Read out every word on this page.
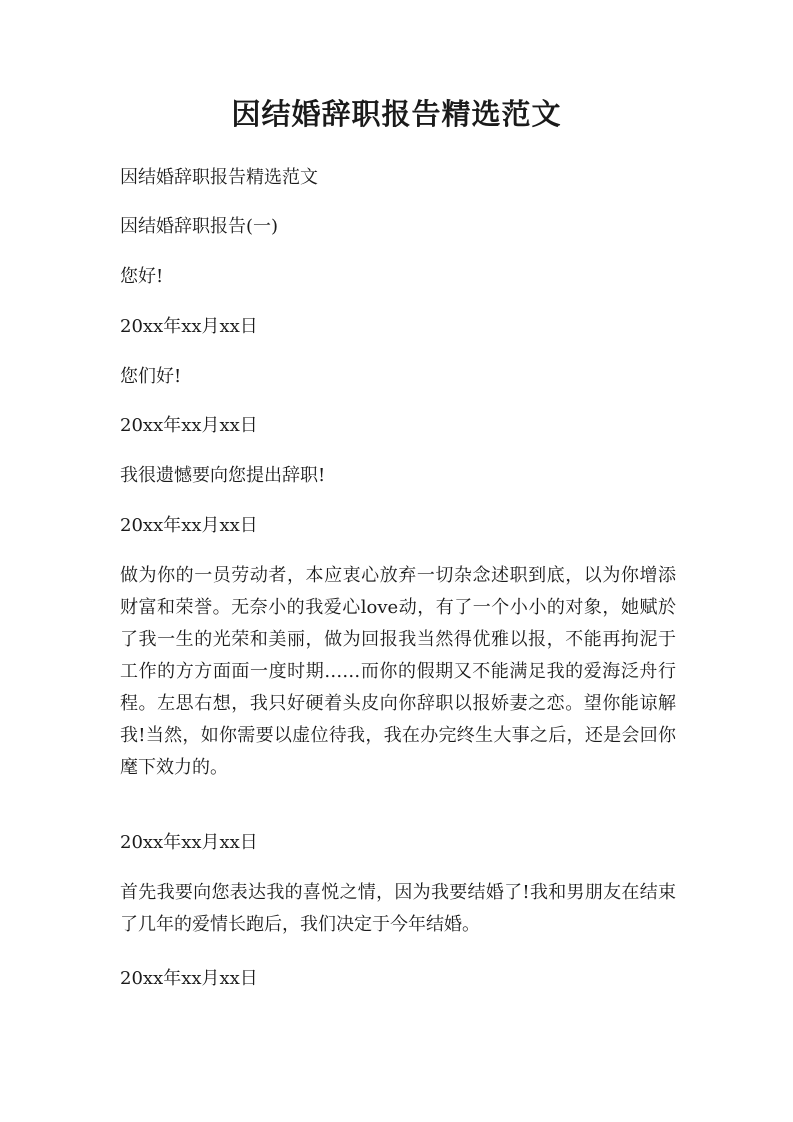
因结婚辞职报告精选范文

因结婚辞职报告精选范文

因结婚辞职报告(一)

您好!

20xx年xx月xx日

您们好!

20xx年xx月xx日

我很遗憾要向您提出辞职!

20xx年xx月xx日

做为你的一员劳动者，本应衷心放弃一切杂念述职到底，以为你增添财富和荣誉。无奈小的我爱心love动，有了一个小小的对象，她赋於了我一生的光荣和美丽，做为回报我当然得优雅以报，不能再拘泥于工作的方方面面一度时期……而你的假期又不能满足我的爱海泛舟行程。左思右想，我只好硬着头皮向你辞职以报娇妻之恋。望你能谅解我!当然，如你需要以虚位待我，我在办完终生大事之后，还是会回你麾下效力的。

20xx年xx月xx日

首先我要向您表达我的喜悦之情，因为我要结婚了!我和男朋友在结束了几年的爱情长跑后，我们决定于今年结婚。

20xx年xx月xx日
